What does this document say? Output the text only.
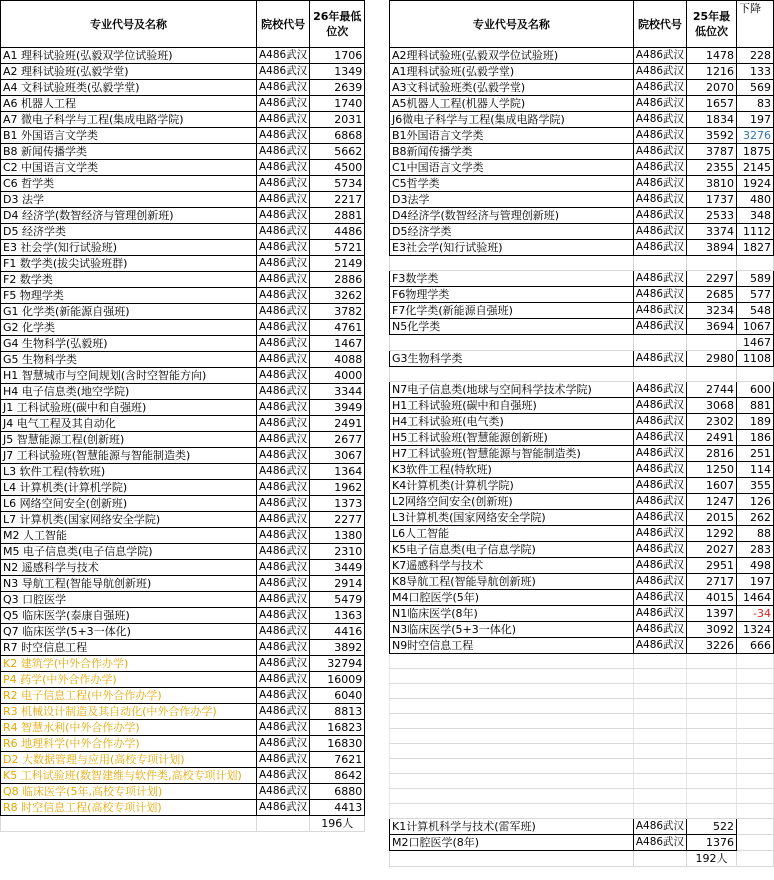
专业代号及名称	院校代号	26年最低位次
A1 理科试验班(弘毅双学位试验班)	A486武汉	1706
A2 理科试验班(弘毅学堂)	A486武汉	1349
A4 文科试验班类(弘毅学堂)	A486武汉	2639
A6 机器人工程	A486武汉	1740
A7 微电子科学与工程(集成电路学院)	A486武汉	2031
B1 外国语言文学类	A486武汉	6868
B8 新闻传播学类	A486武汉	5662
C2 中国语言文学类	A486武汉	4500
C6 哲学类	A486武汉	5734
D3 法学	A486武汉	2217
D4 经济学(数智经济与管理创新班)	A486武汉	2881
D5 经济学类	A486武汉	4486
E3 社会学(知行试验班)	A486武汉	5721
F1 数学类(拔尖试验班群)	A486武汉	2149
F2 数学类	A486武汉	2886
F5 物理学类	A486武汉	3262
G1 化学类(新能源自强班)	A486武汉	3782
G2 化学类	A486武汉	4761
G4 生物科学(弘毅班)	A486武汉	1467
G5 生物科学类	A486武汉	4088
H1 智慧城市与空间规划(含时空智能方向)	A486武汉	4000
H4 电子信息类(地空学院)	A486武汉	3344
J1 工科试验班(碳中和自强班)	A486武汉	3949
J4 电气工程及其自动化	A486武汉	2491
J5 智慧能源工程(创新班)	A486武汉	2677
J7 工科试验班(智慧能源与智能制造类)	A486武汉	3067
L3 软件工程(特软班)	A486武汉	1364
L4 计算机类(计算机学院)	A486武汉	1962
L6 网络空间安全(创新班)	A486武汉	1373
L7 计算机类(国家网络安全学院)	A486武汉	2277
M2 人工智能	A486武汉	1380
M5 电子信息类(电子信息学院)	A486武汉	2310
N2 遥感科学与技术	A486武汉	3449
N3 导航工程(智能导航创新班)	A486武汉	2914
Q3 口腔医学	A486武汉	5479
Q5 临床医学(泰康自强班)	A486武汉	1363
Q7 临床医学(5+3一体化)	A486武汉	4416
R7 时空信息工程	A486武汉	3892
K2 建筑学(中外合作办学)	A486武汉	32794
P4 药学(中外合作办学)	A486武汉	16009
R2 电子信息工程(中外合作办学)	A486武汉	6040
R3 机械设计制造及其自动化(中外合作办学)	A486武汉	8813
R4 智慧水利(中外合作办学)	A486武汉	16823
R6 地理科学(中外合作办学)	A486武汉	16830
D2 大数据管理与应用(高校专项计划)	A486武汉	7621
K5 工科试验班(数智建维与软件类,高校专项计划)	A486武汉	8642
Q8 临床医学(5年,高校专项计划)	A486武汉	6880
R8 时空信息工程(高校专项计划)	A486武汉	4413
		196人
专业代号及名称	院校代号	25年最低位次	下降
A2理科试验班(弘毅双学位试验班)	A486武汉	1478	228
A1理科试验班(弘毅学堂)	A486武汉	1216	133
A3文科试验班类(弘毅学堂)	A486武汉	2070	569
A5机器人工程(机器人学院)	A486武汉	1657	83
J6微电子科学与工程(集成电路学院)	A486武汉	1834	197
B1外国语言文学类	A486武汉	3592	3276
B8新闻传播学类	A486武汉	3787	1875
C1中国语言文学类	A486武汉	2355	2145
C5哲学类	A486武汉	3810	1924
D3法学	A486武汉	1737	480
D4经济学(数智经济与管理创新班)	A486武汉	2533	348
D5经济学类	A486武汉	3374	1112
E3社会学(知行试验班)	A486武汉	3894	1827

F3数学类	A486武汉	2297	589
F6物理学类	A486武汉	2685	577
F7化学类(新能源自强班)	A486武汉	3234	548
N5化学类	A486武汉	3694	1067
			1467
G3生物科学类	A486武汉	2980	1108

N7电子信息类(地球与空间科学技术学院)	A486武汉	2744	600
H1工科试验班(碳中和自强班)	A486武汉	3068	881
H4工科试验班(电气类)	A486武汉	2302	189
H5工科试验班(智慧能源创新班)	A486武汉	2491	186
H7工科试验班(智慧能源与智能制造类)	A486武汉	2816	251
K3软件工程(特软班)	A486武汉	1250	114
K4计算机类(计算机学院)	A486武汉	1607	355
L2网络空间安全(创新班)	A486武汉	1247	126
L3计算机类(国家网络安全学院)	A486武汉	2015	262
L6人工智能	A486武汉	1292	88
K5电子信息类(电子信息学院)	A486武汉	2027	283
K7遥感科学与技术	A486武汉	2951	498
K8导航工程(智能导航创新班)	A486武汉	2717	197
M4口腔医学(5年)	A486武汉	4015	1464
N1临床医学(8年)	A486武汉	1397	-34
N3临床医学(5+3一体化)	A486武汉	3092	1324
N9时空信息工程	A486武汉	3226	666

K1计算机科学与技术(雷军班)	A486武汉	522	
M2口腔医学(8年)	A486武汉	1376	
		192人	
